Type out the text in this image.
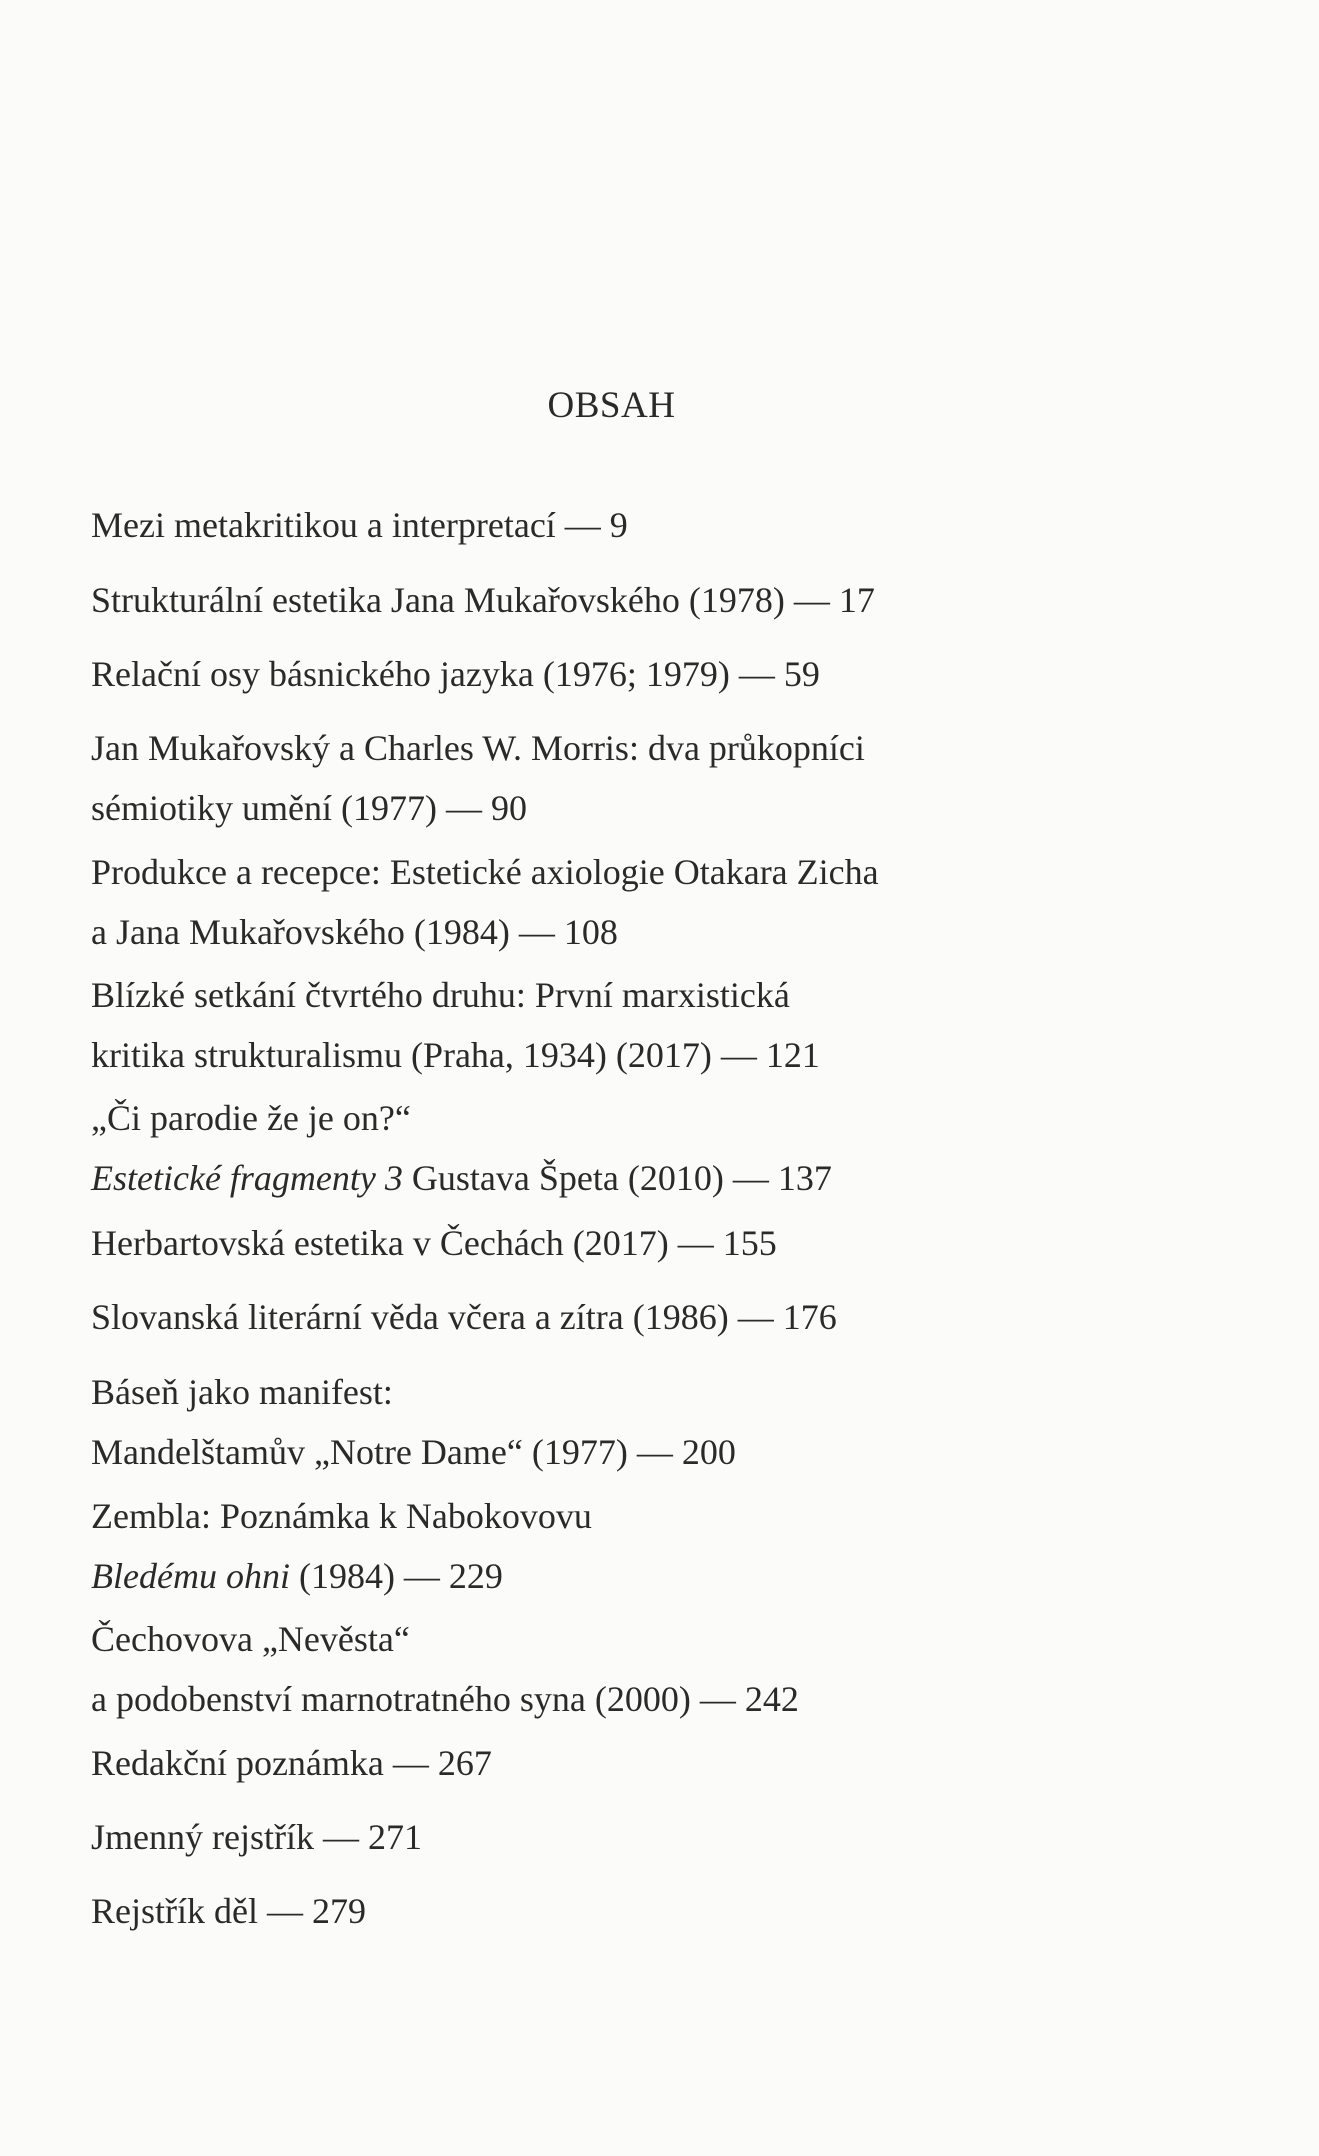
OBSAH
Mezi metakritikou a interpretací — 9
Strukturální estetika Jana Mukařovského (1978) — 17
Relační osy básnického jazyka (1976; 1979) — 59
Jan Mukařovský a Charles W. Morris: dva průkopníci
sémiotiky umění (1977) — 90
Produkce a recepce: Estetické axiologie Otakara Zicha
a Jana Mukařovského (1984) — 108
Blízké setkání čtvrtého druhu: První marxistická
kritika strukturalismu (Praha, 1934) (2017) — 121
„Či parodie že je on?“
Estetické fragmenty 3 Gustava Špeta (2010) — 137
Herbartovská estetika v Čechách (2017) — 155
Slovanská literární věda včera a zítra (1986) — 176
Báseň jako manifest:
Mandelštamův „Notre Dame“ (1977) — 200
Zembla: Poznámka k Nabokovovu
Bledému ohni (1984) — 229
Čechovova „Nevěsta“
a podobenství marnotratného syna (2000) — 242
Redakční poznámka — 267
Jmenný rejstřík — 271
Rejstřík děl — 279
